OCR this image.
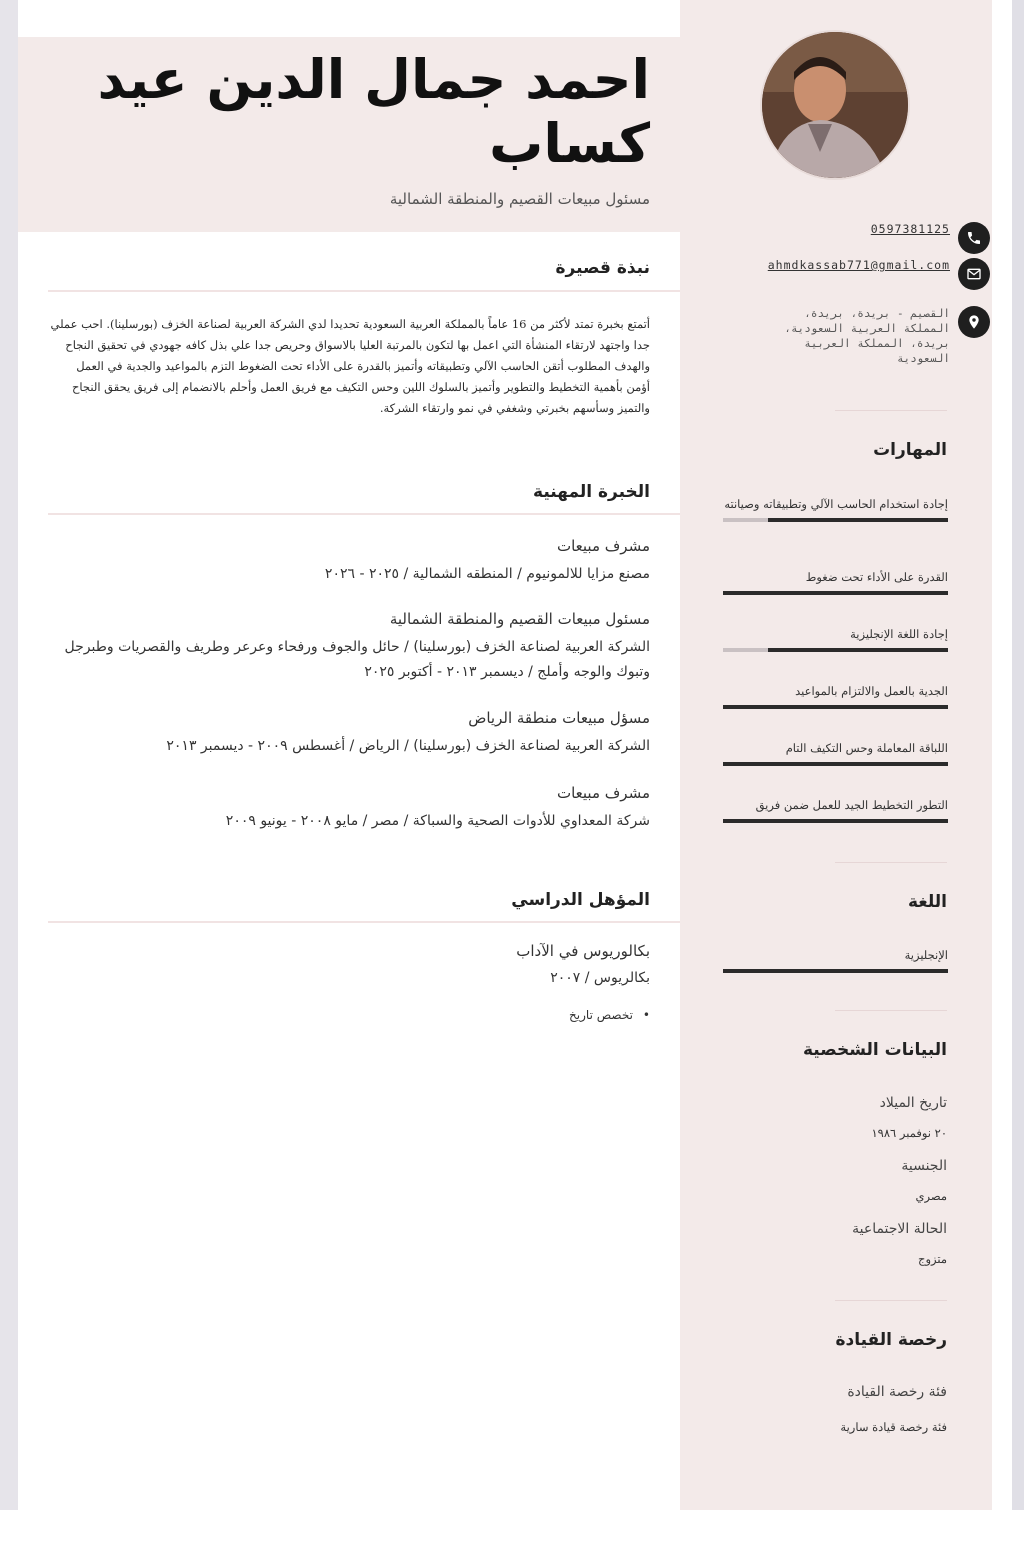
احمد جمال الدين عيد كساب
مسئول مبيعات القصيم والمنطقة الشمالية
نبذة قصيرة
أتمتع بخبرة تمتد لأكثر من 16 عاماً بالمملكة العربية السعودية تحديدا لدي الشركة العربية لصناعة الخزف (بورسلينا). احب عملي جدا واجتهد لارتقاء المنشأة التي اعمل بها لتكون بالمرتبة العليا بالاسواق وحريص جدا علي بذل كافه جهودي في تحقيق النجاح والهدف المطلوب أتقن الحاسب الآلي وتطبيقاته وأتميز بالقدرة على الأداء تحت الضغوط التزم بالمواعيد والجدية في العمل أؤمن بأهمية التخطيط والتطوير وأتميز بالسلوك اللين وحس التكيف مع فريق العمل وأحلم بالانضمام إلى فريق يحقق النجاح والتميز وسأسهم بخبرتي وشغفي في نمو وارتقاء الشركة.
الخبرة المهنية
مشرف مبيعات
مصنع مزايا للالمونيوم / المنطقه الشمالية / ٢٠٢٥ - ٢٠٢٦
مسئول مبيعات القصيم والمنطقة الشمالية
الشركة العربية لصناعة الخزف (بورسلينا) / حائل والجوف ورفحاء وعرعر وطريف والقصريات وطبرجل وتبوك والوجه وأملج / ديسمبر ٢٠١٣ - أكتوبر ٢٠٢٥
مسؤل مبيعات منطقة الرياض
الشركة العربية لصناعة الخزف (بورسلينا) / الرياض / أغسطس ٢٠٠٩ - ديسمبر ٢٠١٣
مشرف مبيعات
شركة المعداوي للأدوات الصحية والسباكة / مصر / مايو ٢٠٠٨ - يونيو ٢٠٠٩
المؤهل الدراسي
بكالوريوس في الآداب
بكالريوس / ٢٠٠٧
•تخصص تاريخ
0597381125
ahmdkassab771@gmail.com
القصيم - بريدة، بريدة، المملكة العربية السعودية، بريدة، المملكة العربية السعودية
المهارات
إجادة استخدام الحاسب الآلي وتطبيقاته وصيانته
القدرة على الأداء تحت ضغوط
إجادة اللغة الإنجليزية
الجدية بالعمل والالتزام بالمواعيد
اللباقة المعاملة وحس التكيف التام
التطور التخطيط الجيد للعمل ضمن فريق
اللغة
الإنجليزية
البيانات الشخصية
تاريخ الميلاد
٢٠ نوفمبر ١٩٨٦
الجنسية
مصري
الحالة الاجتماعية
متزوج
رخصة القيادة
فئة رخصة القيادة
فئة رخصة قيادة سارية
